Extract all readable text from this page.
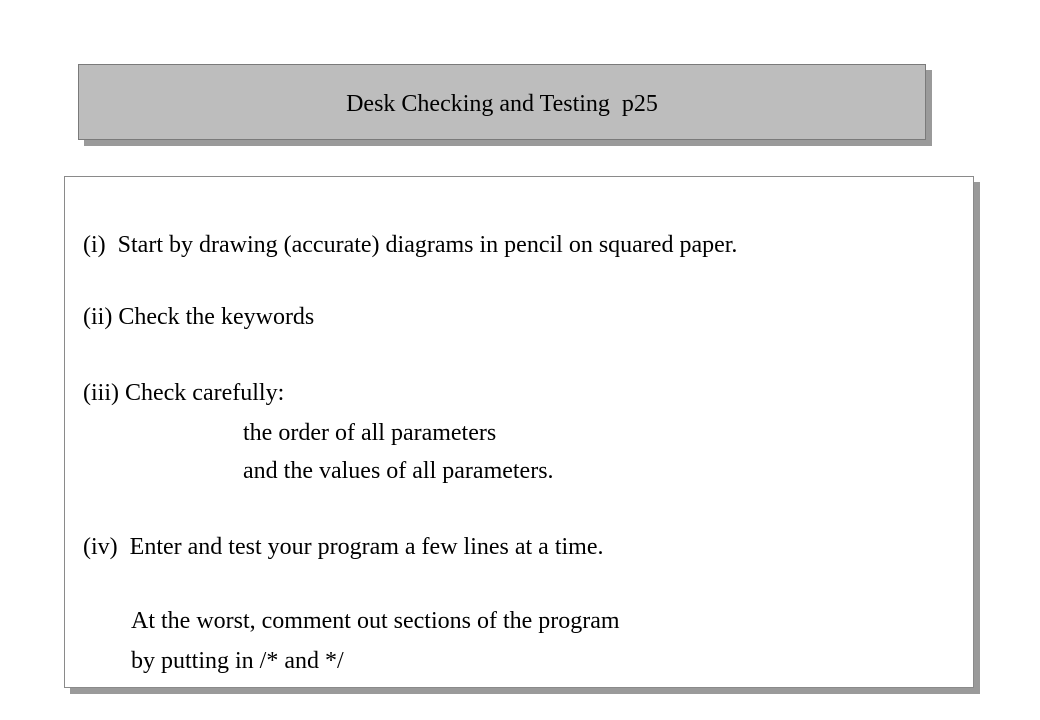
Desk Checking and Testing  p25
(i)  Start by drawing (accurate) diagrams in pencil on squared paper.
(ii) Check the keywords
(iii) Check carefully:
the order of all parameters
and the values of all parameters.
(iv)  Enter and test your program a few lines at a time.
At the worst, comment out sections of the program
by putting in /* and */
